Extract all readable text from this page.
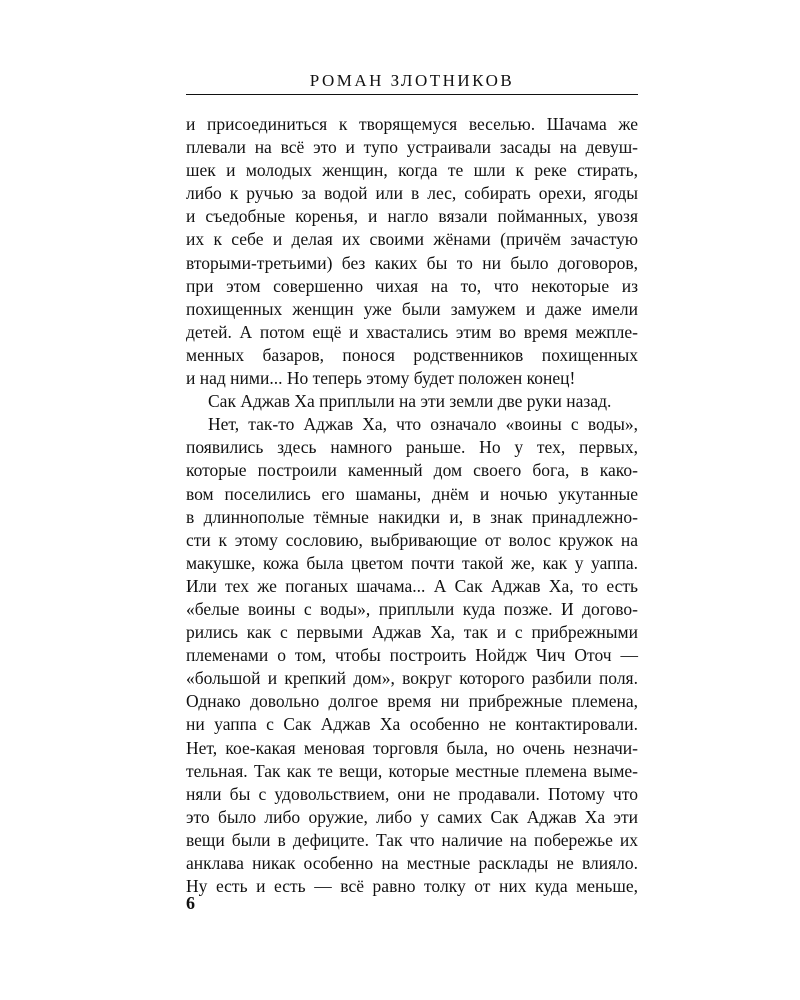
РОМАН ЗЛОТНИКОВ
и присоединиться к творящемуся веселью. Шачама же
плевали на всё это и тупо устраивали засады на девуш-
шек и молодых женщин, когда те шли к реке стирать,
либо к ручью за водой или в лес, собирать орехи, ягоды
и съедобные коренья, и нагло вязали пойманных, увозя
их к себе и делая их своими жёнами (причём зачастую
вторыми-третьими) без каких бы то ни было договоров,
при этом совершенно чихая на то, что некоторые из
похищенных женщин уже были замужем и даже имели
детей. А потом ещё и хвастались этим во время межпле-
менных базаров, понося родственников похищенных
и над ними... Но теперь этому будет положен конец!
Сак Аджав Ха приплыли на эти земли две руки назад.
Нет, так-то Аджав Ха, что означало «воины с воды»,
появились здесь намного раньше. Но у тех, первых,
которые построили каменный дом своего бога, в како-
вом поселились его шаманы, днём и ночью укутанные
в длиннополые тёмные накидки и, в знак принадлежно-
сти к этому сословию, выбривающие от волос кружок на
макушке, кожа была цветом почти такой же, как у уаппа.
Или тех же поганых шачама... А Сак Аджав Ха, то есть
«белые воины с воды», приплыли куда позже. И догово-
рились как с первыми Аджав Ха, так и с прибрежными
племенами о том, чтобы построить Нойдж Чич Оточ —
«большой и крепкий дом», вокруг которого разбили поля.
Однако довольно долгое время ни прибрежные племена,
ни уаппа с Сак Аджав Ха особенно не контактировали.
Нет, кое-какая меновая торговля была, но очень незначи-
тельная. Так как те вещи, которые местные племена выме-
няли бы с удовольствием, они не продавали. Потому что
это было либо оружие, либо у самих Сак Аджав Ха эти
вещи были в дефиците. Так что наличие на побережье их
анклава никак особенно на местные расклады не влияло.
Ну есть и есть — всё равно толку от них куда меньше,
6
